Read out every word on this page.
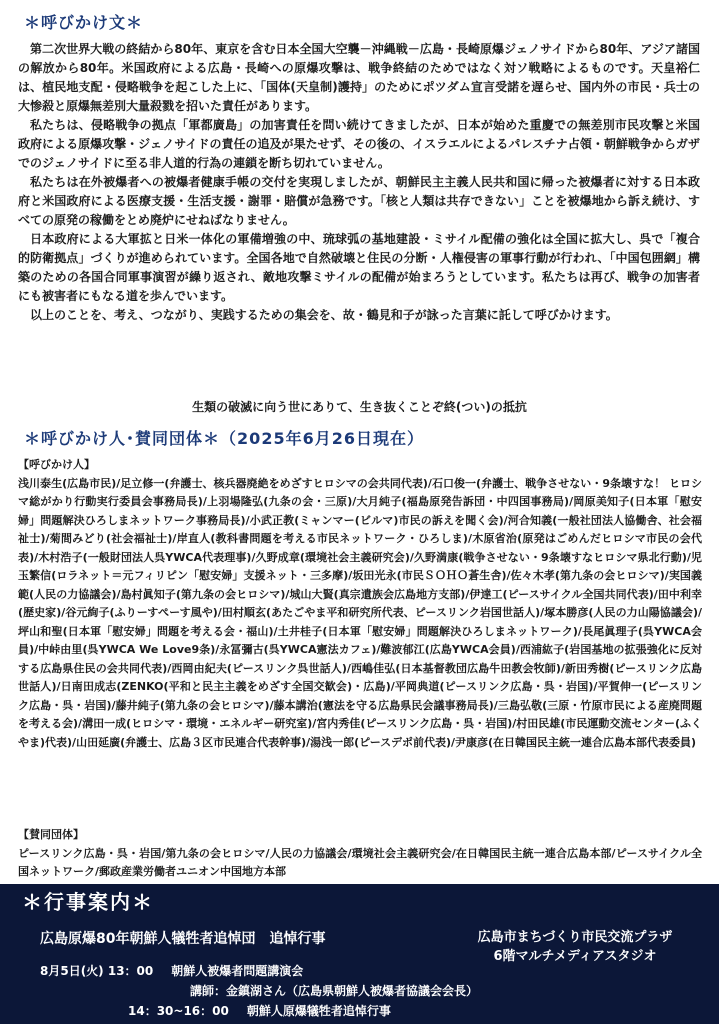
＊呼びかけ文＊

第二次世界大戦の終結から80年、東京を含む日本全国大空襲－沖縄戦－広島・長崎原爆ジェノサイドから80年、アジア諸国の解放から80年。米国政府による広島・長崎への原爆攻撃は、戦争終結のためではなく対ソ戦略によるものです。天皇裕仁は、植民地支配・侵略戦争を起こした上に、「国体(天皇制)護持」のためにポツダム宣言受諾を遅らせ、国内外の市民・兵士の大惨殺と原爆無差別大量殺戮を招いた責任があります。

私たちは、侵略戦争の拠点「軍都廣島」の加害責任を問い続けてきましたが、日本が始めた重慶での無差別市民攻撃と米国政府による原爆攻撃・ジェノサイドの責任の追及が果たせず、その後の、イスラエルによるパレスチナ占領・朝鮮戦争からガザでのジェノサイドに至る非人道的行為の連鎖を断ち切れていません。

私たちは在外被爆者への被爆者健康手帳の交付を実現しましたが、朝鮮民主主義人民共和国に帰った被爆者に対する日本政府と米国政府による医療支援・生活支援・謝罪・賠償が急務です。「核と人類は共存できない」ことを被爆地から訴え続け、すべての原発の稼働をとめ廃炉にせねばなりません。

日本政府による大軍拡と日米一体化の軍備増強の中、琉球弧の基地建設・ミサイル配備の強化は全国に拡大し、呉で「複合的防衛拠点」づくりが進められています。全国各地で自然破壊と住民の分断・人権侵害の軍事行動が行われ、「中国包囲網」構築のための各国合同軍事演習が繰り返され、敵地攻撃ミサイルの配備が始まろうとしています。私たちは再び、戦争の加害者にも被害者にもなる道を歩んでいます。

以上のことを、考え、つながり、実践するための集会を、故・鶴見和子が詠った言葉に託して呼びかけます。

生類の破滅に向う世にありて、生き抜くことぞ終(つい)の抵抗
＊呼びかけ人･賛同団体＊（2025年6月26日現在）
【呼びかけ人】
浅川泰生(広島市民)/足立修一(弁護士、核兵器廃絶をめざすヒロシマの会共同代表)/石口俊一(弁護士、戦争させない・9条壊すな！ ヒロシマ総がかり行動実行委員会事務局長)/上羽場隆弘(九条の会・三原)/大月純子(福島原発告訴団・中四国事務局)/岡原美知子(日本軍「慰安婦」問題解決ひろしまネットワーク事務局長)/小武正教(ミャンマー(ビルマ)市民の訴えを聞く会)/河合知義(一般社団法人協働舎、社会福祉士)/菊間みどり(社会福祉士)/岸直人(教科書問題を考える市民ネットワーク・ひろしま)/木原省治(原発はごめんだヒロシマ市民の会代表)/木村浩子(一般財団法人呉YWCA代表理事)/久野成章(環境社会主義研究会)/久野満康(戦争させない・9条壊すなヒロシマ県北行動)/児玉繁信(ロラネット＝元フィリピン「慰安婦」支援ネット・三多摩)/坂田光永(市民ＳＯＨＯ蒼生舎)/佐々木孝(第九条の会ヒロシマ)/実国義範(人民の力協議会)/島村眞知子(第九条の会ヒロシマ)/城山大賢(真宗遺族会広島地方支部)/伊達工(ピースサイクル全国共同代表)/田中利幸(歴史家)/谷元絢子(ふりーすぺーす風や)/田村順玄(あたごやま平和研究所代表、ピースリンク岩国世話人)/塚本勝彦(人民の力山陽協議会)/坪山和聖(日本軍「慰安婦」問題を考える会・福山)/土井桂子(日本軍「慰安婦」問題解決ひろしまネットワーク)/長尾眞理子(呉YWCA会員)/中峠由里(呉YWCA We Love9条)/永冨彌古(呉YWCA憲法カフェ)/難波郁江(広島YWCA会員)/西浦紘子(岩国基地の拡張強化に反対する広島県住民の会共同代表)/西岡由紀夫(ピースリンク呉世話人)/西嶋佳弘(日本基督教団広島牛田教会牧師)/新田秀樹(ピースリンク広島世話人)/日南田成志(ZENKO(平和と民主主義をめざす全国交歓会)・広島)/平岡典道(ピースリンク広島・呉・岩国)/平賀伸一(ピースリンク広島・呉・岩国)/藤井純子(第九条の会ヒロシマ)/藤本講治(憲法を守る広島県民会議事務局長)/三島弘敬(三原・竹原市民による産廃問題を考える会)/溝田一成(ヒロシマ・環境・エネルギー研究室)/宮内秀佳(ピースリンク広島・呉・岩国)/村田民雄(市民運動交流センター(ふくやま)代表)/山田延廣(弁護士、広島３区市民連合代表幹事)/湯浅一郎(ピースデポ前代表)/尹康彦(在日韓国民主統一連合広島本部代表委員)
【賛同団体】
ピースリンク広島・呉・岩国/第九条の会ヒロシマ/人民の力協議会/環境社会主義研究会/在日韓国民主統一連合広島本部/ピースサイクル全国ネットワーク/郵政産業労働者ユニオン中国地方本部
＊行事案内＊
広島原爆80年朝鮮人犠牲者追悼団　追悼行事	広島市まちづくり市民交流プラザ
6階マルチメディアスタジオ
8月5日(火) 13：00 朝鮮人被爆者問題講演会
講師：金鎮湖さん（広島県朝鮮人被爆者協議会会長）
14：30~16：00 朝鮮人原爆犠牲者追悼行事
